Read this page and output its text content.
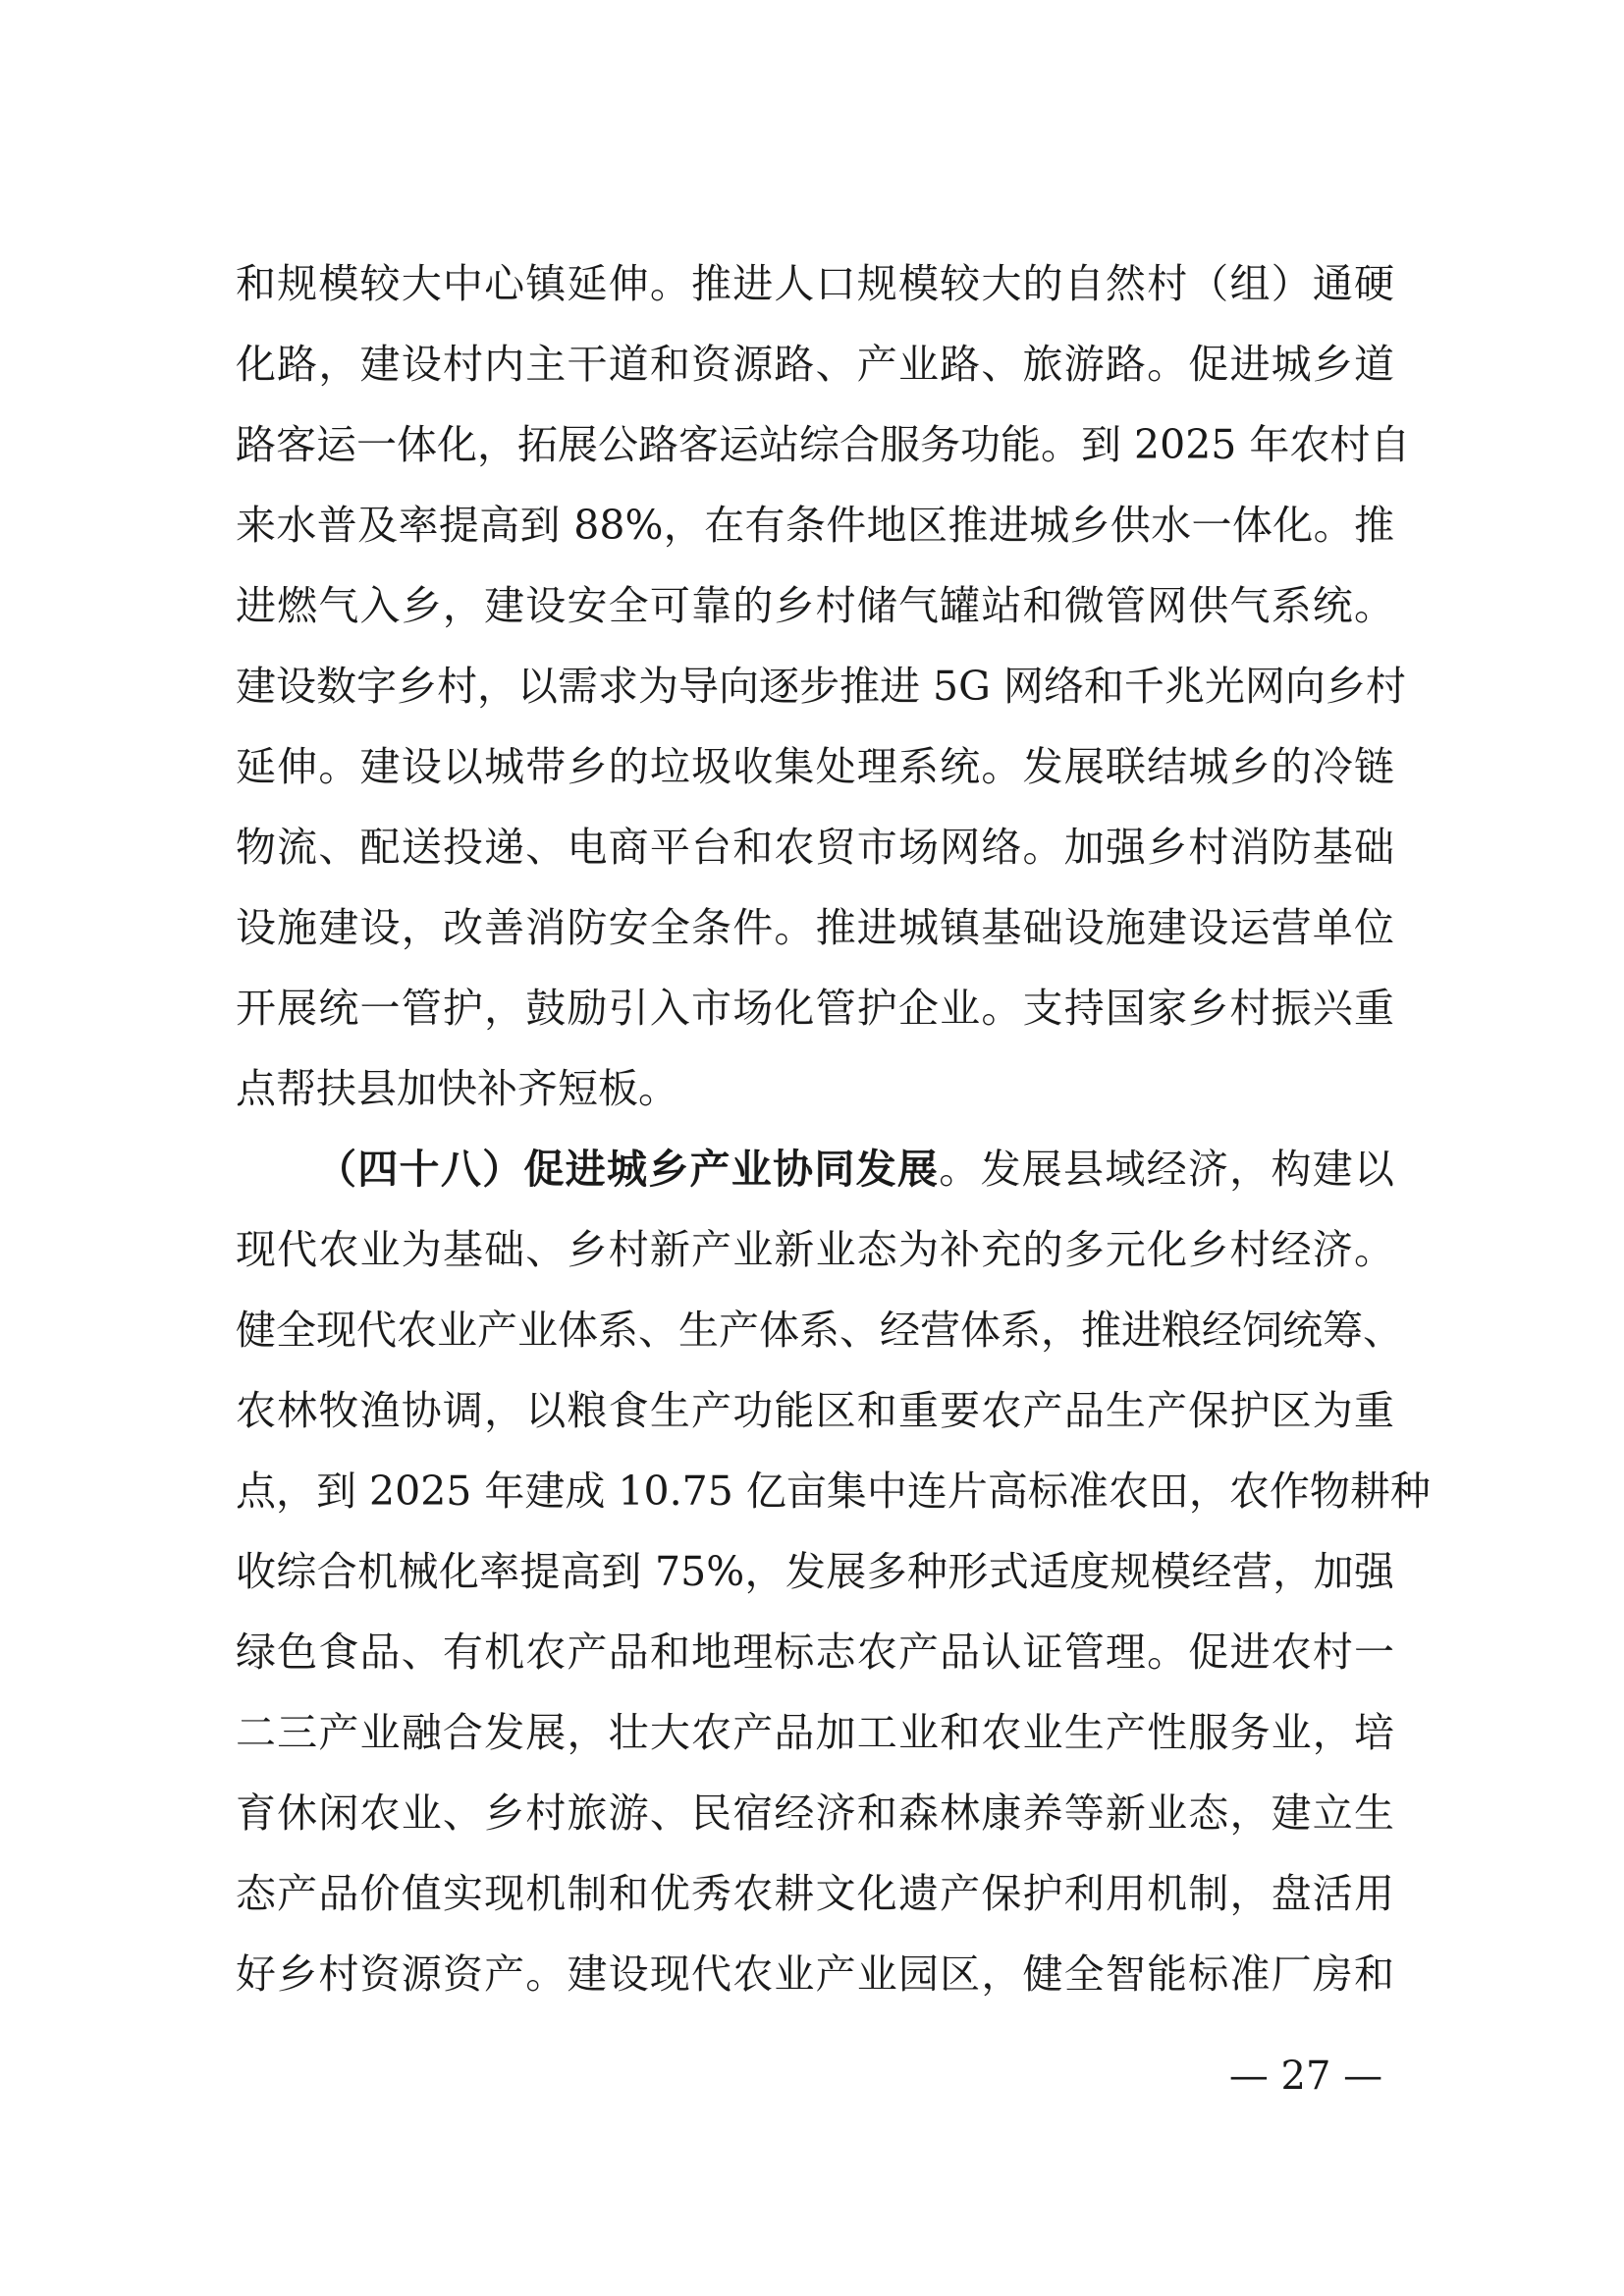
和规模较大中心镇延伸。推进人口规模较大的自然村（组）通硬
化路，建设村内主干道和资源路、产业路、旅游路。促进城乡道
路客运一体化，拓展公路客运站综合服务功能。到 2025 年农村自
来水普及率提高到 88%，在有条件地区推进城乡供水一体化。推
进燃气入乡，建设安全可靠的乡村储气罐站和微管网供气系统。
建设数字乡村，以需求为导向逐步推进 5G 网络和千兆光网向乡村
延伸。建设以城带乡的垃圾收集处理系统。发展联结城乡的冷链
物流、配送投递、电商平台和农贸市场网络。加强乡村消防基础
设施建设，改善消防安全条件。推进城镇基础设施建设运营单位
开展统一管护，鼓励引入市场化管护企业。支持国家乡村振兴重
点帮扶县加快补齐短板。
（四十八）促进城乡产业协同发展。发展县域经济，构建以
现代农业为基础、乡村新产业新业态为补充的多元化乡村经济。
健全现代农业产业体系、生产体系、经营体系，推进粮经饲统筹、
农林牧渔协调，以粮食生产功能区和重要农产品生产保护区为重
点，到 2025 年建成 10.75 亿亩集中连片高标准农田，农作物耕种
收综合机械化率提高到 75%，发展多种形式适度规模经营，加强
绿色食品、有机农产品和地理标志农产品认证管理。促进农村一
二三产业融合发展，壮大农产品加工业和农业生产性服务业，培
育休闲农业、乡村旅游、民宿经济和森林康养等新业态，建立生
态产品价值实现机制和优秀农耕文化遗产保护利用机制，盘活用
好乡村资源资产。建设现代农业产业园区，健全智能标准厂房和
— 27 —
